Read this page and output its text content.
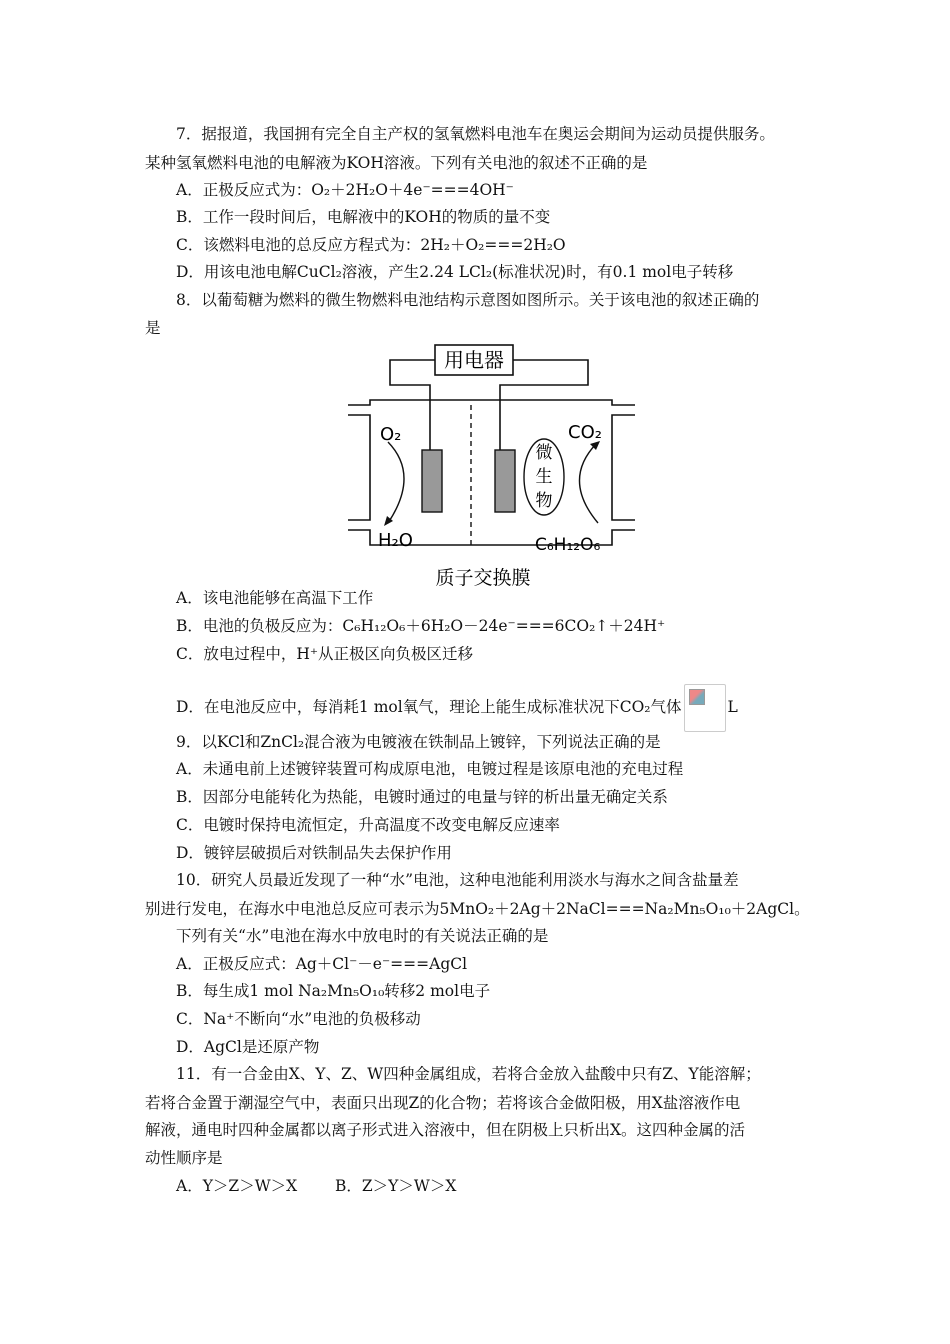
7．据报道，我国拥有完全自主产权的氢氧燃料电池车在奥运会期间为运动员提供服务。
某种氢氧燃料电池的电解液为KOH溶液。下列有关电池的叙述不正确的是
A．正极反应式为：O₂＋2H₂O＋4e⁻===4OH⁻
B．工作一段时间后，电解液中的KOH的物质的量不变
C．该燃料电池的总反应方程式为：2H₂＋O₂===2H₂O
D．用该电池电解CuCl₂溶液，产生2.24 LCl₂(标准状况)时，有0.1 mol电子转移
8．以葡萄糖为燃料的微生物燃料电池结构示意图如图所示。关于该电池的叙述正确的
是
用电器
微
生
物
O₂
H₂O
CO₂
C₆H₁₂O₆
质子交换膜
A．该电池能够在高温下工作
B．电池的负极反应为：C₆H₁₂O₆＋6H₂O－24e⁻===6CO₂↑＋24H⁺
C．放电过程中，H⁺从正极区向负极区迁移
D．在电池反应中，每消耗1 mol氧气，理论上能生成标准状况下CO₂气体	L
9．以KCl和ZnCl₂混合液为电镀液在铁制品上镀锌，下列说法正确的是
A．未通电前上述镀锌装置可构成原电池，电镀过程是该原电池的充电过程
B．因部分电能转化为热能，电镀时通过的电量与锌的析出量无确定关系
C．电镀时保持电流恒定，升高温度不改变电解反应速率
D．镀锌层破损后对铁制品失去保护作用
10．研究人员最近发现了一种“水”电池，这种电池能利用淡水与海水之间含盐量差
别进行发电，在海水中电池总反应可表示为5MnO₂＋2Ag＋2NaCl===Na₂Mn₅O₁₀＋2AgCl。
下列有关“水”电池在海水中放电时的有关说法正确的是
A．正极反应式：Ag＋Cl⁻－e⁻===AgCl
B．每生成1 mol Na₂Mn₅O₁₀转移2 mol电子
C．Na⁺不断向“水”电池的负极移动
D．AgCl是还原产物
11．有一合金由X、Y、Z、W四种金属组成，若将合金放入盐酸中只有Z、Y能溶解；
若将合金置于潮湿空气中，表面只出现Z的化合物；若将该合金做阳极，用X盐溶液作电
解液，通电时四种金属都以离子形式进入溶液中，但在阴极上只析出X。这四种金属的活
动性顺序是
A．Y＞Z＞W＞X B．Z＞Y＞W＞X
